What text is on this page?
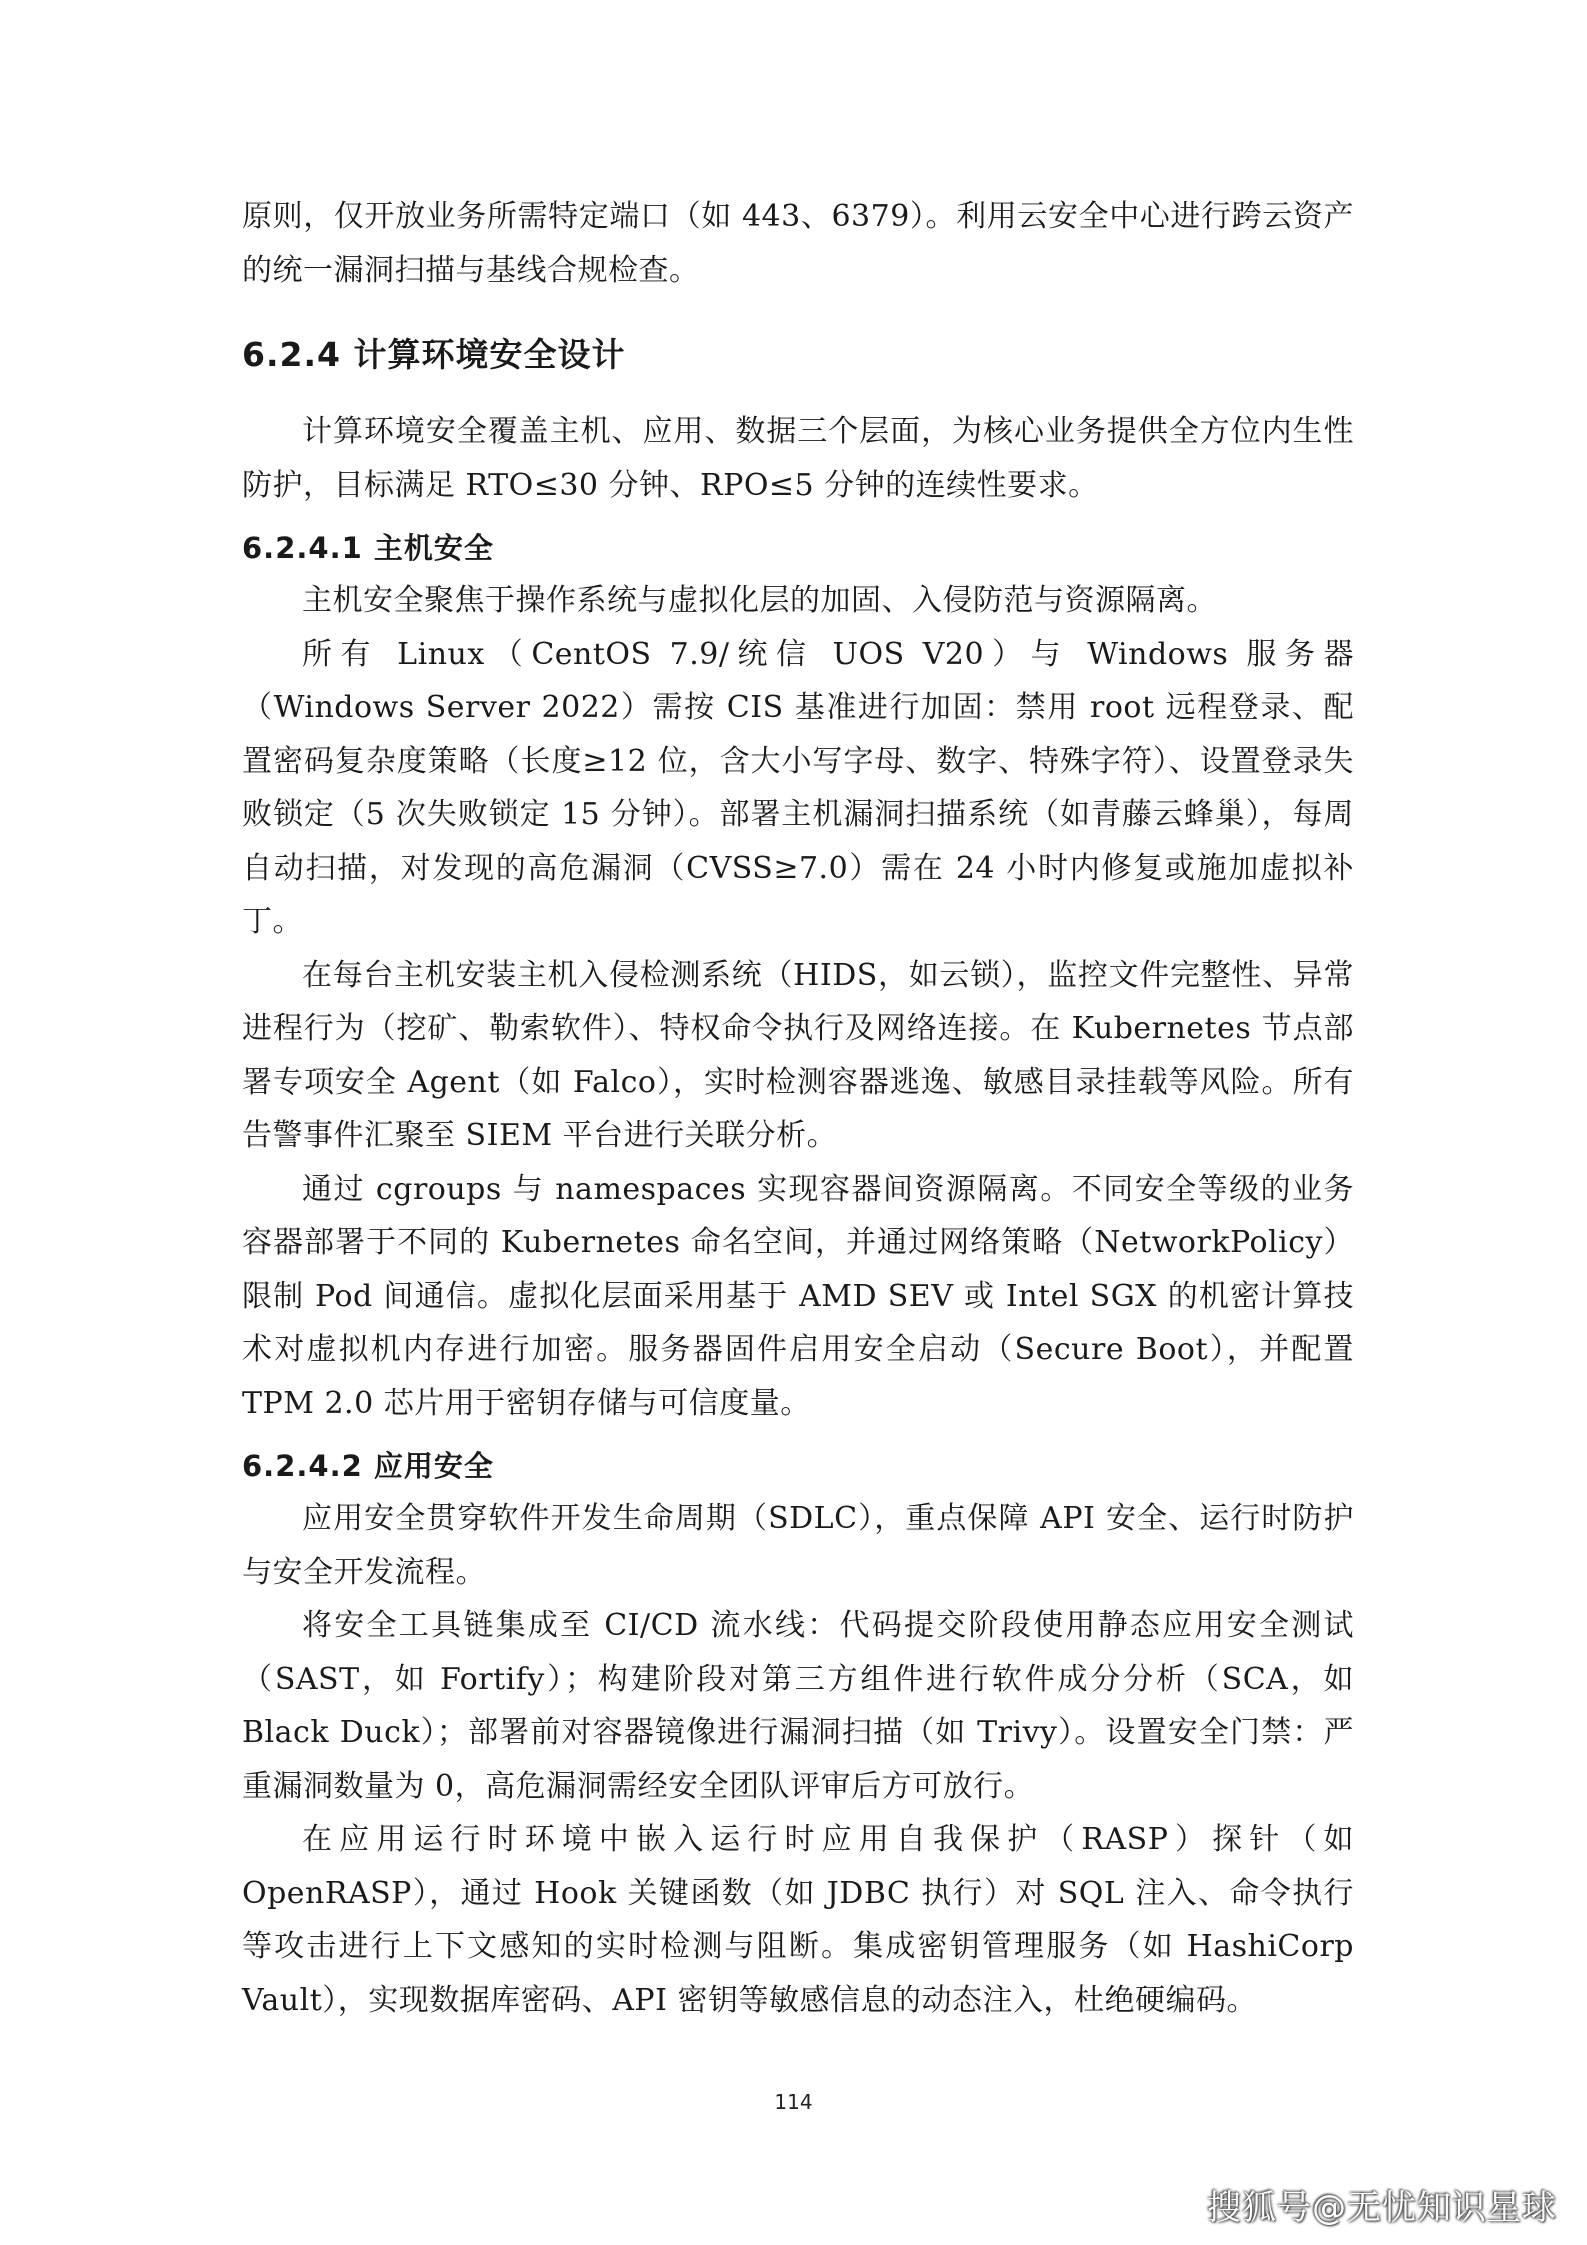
原则，仅开放业务所需特定端口（如 443、6379）。利用云安全中心进行跨云资产的统一漏洞扫描与基线合规检查。

6.2.4 计算环境安全设计

计算环境安全覆盖主机、应用、数据三个层面，为核心业务提供全方位内生性防护，目标满足 RTO≤30 分钟、RPO≤5 分钟的连续性要求。

6.2.4.1 主机安全

主机安全聚焦于操作系统与虚拟化层的加固、入侵防范与资源隔离。

所有 Linux（CentOS 7.9/统信 UOS V20）与 Windows 服务器（Windows Server 2022）需按 CIS 基准进行加固：禁用 root 远程登录、配置密码复杂度策略（长度≥12 位，含大小写字母、数字、特殊字符）、设置登录失败锁定（5 次失败锁定 15 分钟）。部署主机漏洞扫描系统（如青藤云蜂巢），每周自动扫描，对发现的高危漏洞（CVSS≥7.0）需在 24 小时内修复或施加虚拟补丁。

在每台主机安装主机入侵检测系统（HIDS，如云锁），监控文件完整性、异常进程行为（挖矿、勒索软件）、特权命令执行及网络连接。在 Kubernetes 节点部署专项安全 Agent（如 Falco），实时检测容器逃逸、敏感目录挂载等风险。所有告警事件汇聚至 SIEM 平台进行关联分析。

通过 cgroups 与 namespaces 实现容器间资源隔离。不同安全等级的业务容器部署于不同的 Kubernetes 命名空间，并通过网络策略（NetworkPolicy）限制 Pod 间通信。虚拟化层面采用基于 AMD SEV 或 Intel SGX 的机密计算技术对虚拟机内存进行加密。服务器固件启用安全启动（Secure Boot），并配置 TPM 2.0 芯片用于密钥存储与可信度量。

6.2.4.2 应用安全

应用安全贯穿软件开发生命周期（SDLC），重点保障 API 安全、运行时防护与安全开发流程。

将安全工具链集成至 CI/CD 流水线：代码提交阶段使用静态应用安全测试（SAST，如 Fortify）；构建阶段对第三方组件进行软件成分分析（SCA，如 Black Duck）；部署前对容器镜像进行漏洞扫描（如 Trivy）。设置安全门禁：严重漏洞数量为 0，高危漏洞需经安全团队评审后方可放行。

在应用运行时环境中嵌入运行时应用自我保护（RASP）探针（如 OpenRASP），通过 Hook 关键函数（如 JDBC 执行）对 SQL 注入、命令执行等攻击进行上下文感知的实时检测与阻断。集成密钥管理服务（如 HashiCorp Vault），实现数据库密码、API 密钥等敏感信息的动态注入，杜绝硬编码。

114
搜狐号@无忧知识星球
